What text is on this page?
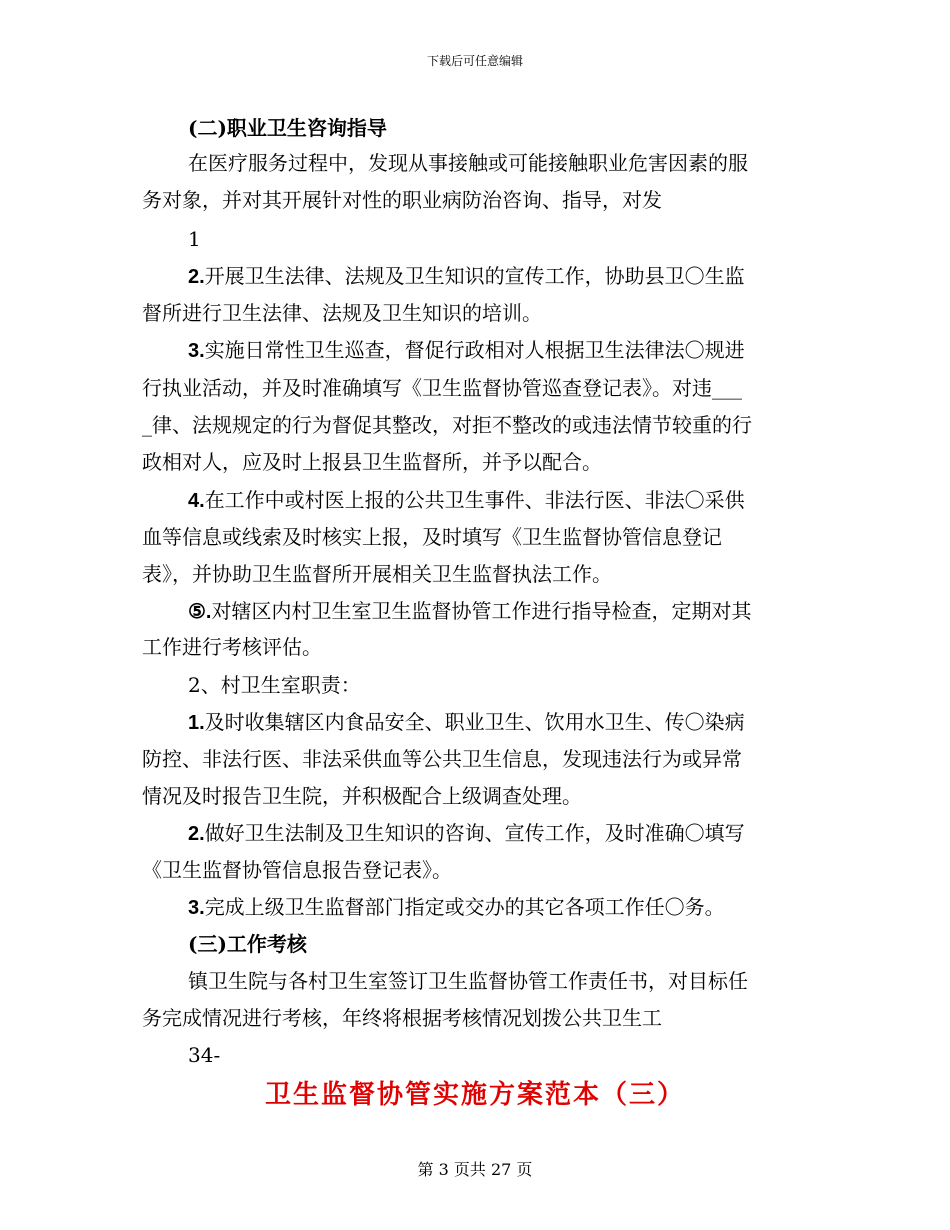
下载后可任意编辑
(二)职业卫生咨询指导
在医疗服务过程中，发现从事接触或可能接触职业危害因素的服
务对象，并对其开展针对性的职业病防治咨询、指导，对发
1
2.开展卫生法律、法规及卫生知识的宣传工作，协助县卫〇生监
督所进行卫生法律、法规及卫生知识的培训。
3.实施日常性卫生巡查，督促行政相对人根据卫生法律法〇规进
行执业活动，并及时准确填写《卫生监督协管巡查登记表》。对违___
_律、法规规定的行为督促其整改，对拒不整改的或违法情节较重的行
政相对人，应及时上报县卫生监督所，并予以配合。
4.在工作中或村医上报的公共卫生事件、非法行医、非法〇采供
血等信息或线索及时核实上报，及时填写《卫生监督协管信息登记
表》，并协助卫生监督所开展相关卫生监督执法工作。
⑤.对辖区内村卫生室卫生监督协管工作进行指导检查，定期对其
工作进行考核评估。
2、村卫生室职责：
1.及时收集辖区内食品安全、职业卫生、饮用水卫生、传〇染病
防控、非法行医、非法采供血等公共卫生信息，发现违法行为或异常
情况及时报告卫生院，并积极配合上级调查处理。
2.做好卫生法制及卫生知识的咨询、宣传工作，及时准确〇填写
《卫生监督协管信息报告登记表》。
3.完成上级卫生监督部门指定或交办的其它各项工作任〇务。
(三)工作考核
镇卫生院与各村卫生室签订卫生监督协管工作责任书，对目标任
务完成情况进行考核，年终将根据考核情况划拨公共卫生工
34-
卫生监督协管实施方案范本（三）
第 3 页共 27 页
